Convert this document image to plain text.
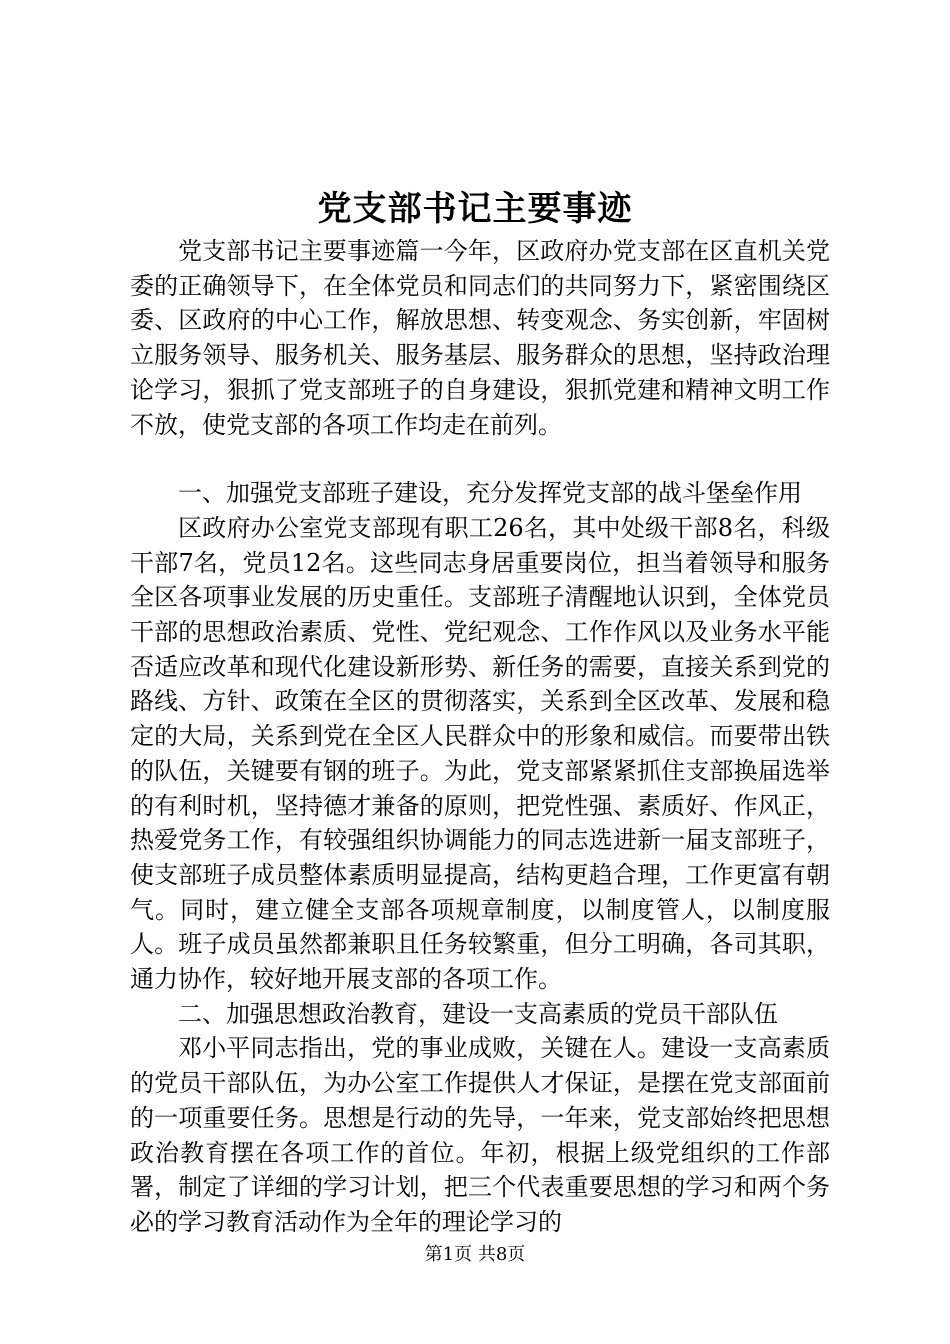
党支部书记主要事迹

党支部书记主要事迹篇一今年，区政府办党支部在区直机关党委的正确领导下，在全体党员和同志们的共同努力下，紧密围绕区委、区政府的中心工作，解放思想、转变观念、务实创新，牢固树立服务领导、服务机关、服务基层、服务群众的思想，坚持政治理论学习，狠抓了党支部班子的自身建设，狠抓党建和精神文明工作不放，使党支部的各项工作均走在前列。

一、加强党支部班子建设，充分发挥党支部的战斗堡垒作用

区政府办公室党支部现有职工26名，其中处级干部8名，科级干部7名，党员12名。这些同志身居重要岗位，担当着领导和服务全区各项事业发展的历史重任。支部班子清醒地认识到，全体党员干部的思想政治素质、党性、党纪观念、工作作风以及业务水平能否适应改革和现代化建设新形势、新任务的需要，直接关系到党的路线、方针、政策在全区的贯彻落实，关系到全区改革、发展和稳定的大局，关系到党在全区人民群众中的形象和威信。而要带出铁的队伍，关键要有钢的班子。为此，党支部紧紧抓住支部换届选举的有利时机，坚持德才兼备的原则，把党性强、素质好、作风正，热爱党务工作，有较强组织协调能力的同志选进新一届支部班子，使支部班子成员整体素质明显提高，结构更趋合理，工作更富有朝气。同时，建立健全支部各项规章制度，以制度管人，以制度服人。班子成员虽然都兼职且任务较繁重，但分工明确，各司其职，通力协作，较好地开展支部的各项工作。

二、加强思想政治教育，建设一支高素质的党员干部队伍

邓小平同志指出，党的事业成败，关键在人。建设一支高素质的党员干部队伍，为办公室工作提供人才保证，是摆在党支部面前的一项重要任务。思想是行动的先导，一年来，党支部始终把思想政治教育摆在各项工作的首位。年初，根据上级党组织的工作部署，制定了详细的学习计划，把三个代表重要思想的学习和两个务必的学习教育活动作为全年的理论学习的

第1页 共8页
